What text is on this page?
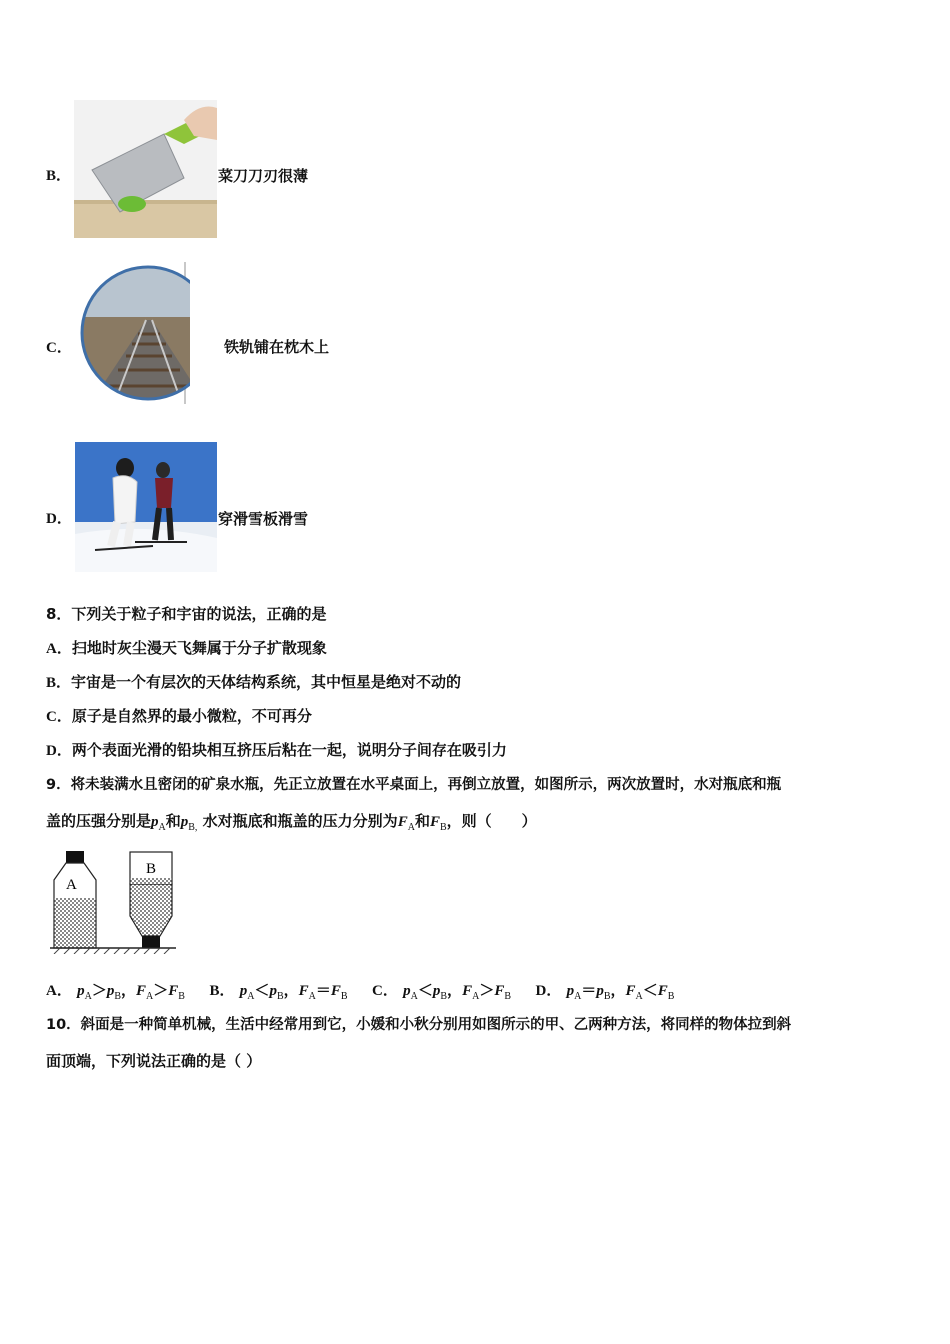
B．	菜刀刀刃很薄
C．	铁轨铺在枕木上
D．	穿滑雪板滑雪
8．下列关于粒子和宇宙的说法，正确的是
A．扫地时灰尘漫天飞舞属于分子扩散现象
B．宇宙是一个有层次的天体结构系统，其中恒星是绝对不动的
C．原子是自然界的最小微粒，不可再分
D．两个表面光滑的铅块相互挤压后粘在一起，说明分子间存在吸引力
9．将未装满水且密闭的矿泉水瓶，先正立放置在水平桌面上，再倒立放置，如图所示，两次放置时，水对瓶底和瓶
盖的压强分别是$p_A$和$p_{B,}$ 水对瓶底和瓶盖的压力分别为$F_A$和$F_B$，则（　　）
A
B
A． $p_A>p_B$，$F_A>F_B$ B． $p_A<p_B$，$F_A=F_B$ C． $p_A<p_B$，$F_A>F_B$ D． $p_A=p_B$，$F_A<F_B$
10．斜面是一种简单机械，生活中经常用到它，小媛和小秋分别用如图所示的甲、乙两种方法，将同样的物体拉到斜
面顶端，下列说法正确的是（ ）
